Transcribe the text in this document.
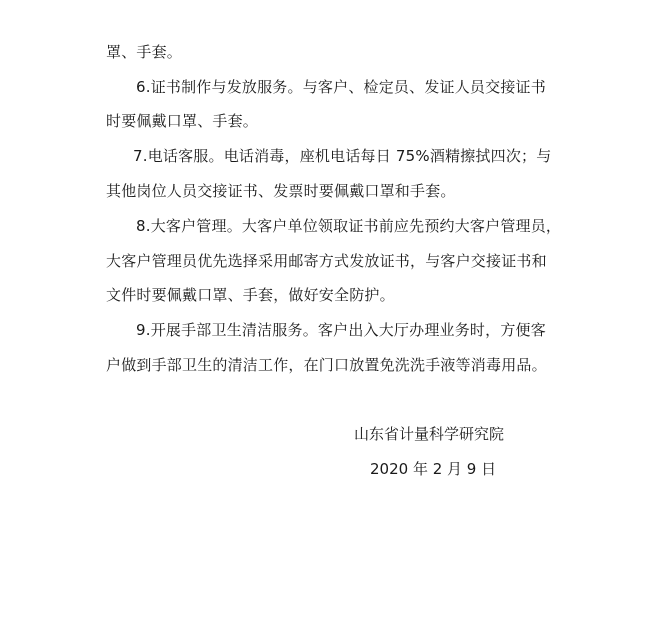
罩、手套。
6.证书制作与发放服务。与客户、检定员、发证人员交接证书
时要佩戴口罩、手套。
7.电话客服。电话消毒，座机电话每日 75%酒精擦拭四次；与
其他岗位人员交接证书、发票时要佩戴口罩和手套。
8.大客户管理。大客户单位领取证书前应先预约大客户管理员，
大客户管理员优先选择采用邮寄方式发放证书，与客户交接证书和
文件时要佩戴口罩、手套，做好安全防护。
9.开展手部卫生清洁服务。客户出入大厅办理业务时，方便客
户做到手部卫生的清洁工作，在门口放置免洗洗手液等消毒用品。
山东省计量科学研究院
2020 年 2 月 9 日
